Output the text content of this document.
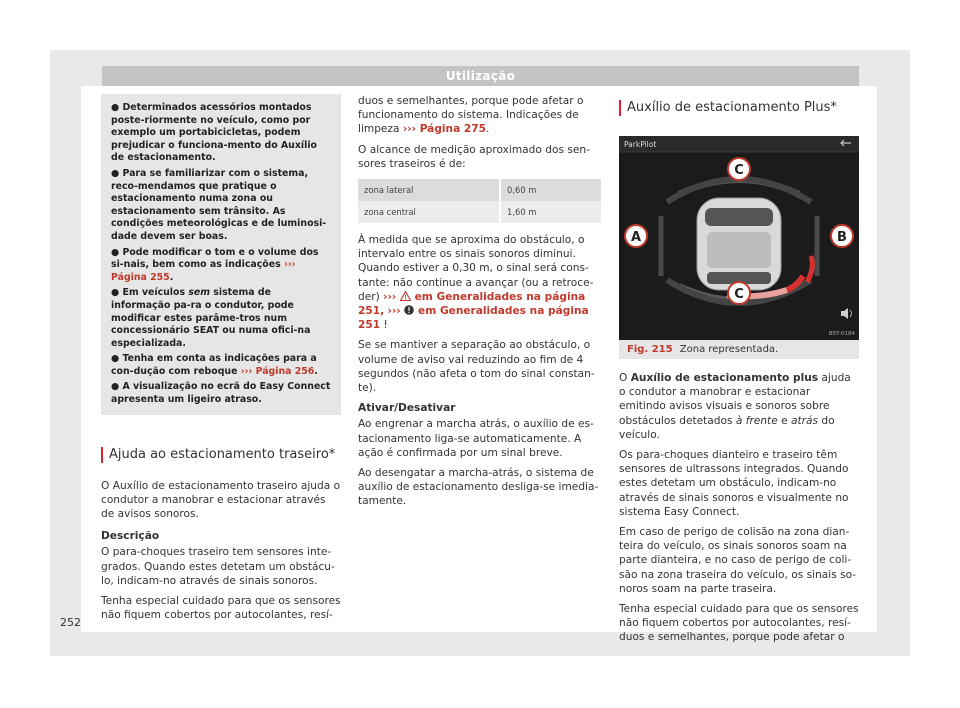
Utilização

● Determinados acessórios montados poste-riormente no veículo, como por exemplo um portabicicletas, podem prejudicar o funciona-mento do Auxílio de estacionamento.

● Para se familiarizar com o sistema, reco-mendamos que pratique o estacionamento numa zona ou estacionamento sem trânsito. As condições meteorológicas e de luminosi-dade devem ser boas.

● Pode modificar o tom e o volume dos si-nais, bem como as indicações ››› Página 255.

● Em veículos sem sistema de informação pa-ra o condutor, pode modificar estes parâme-tros num concessionário SEAT ou numa ofici-na especializada.

● Tenha em conta as indicações para a con-dução com reboque ››› Página 256.

● A visualização no ecrã do Easy Connect apresenta um ligeiro atraso.

Ajuda ao estacionamento traseiro*

O Auxílio de estacionamento traseiro ajuda o condutor a manobrar e estacionar através de avisos sonoros.

Descrição

O para-choques traseiro tem sensores inte-grados. Quando estes detetam um obstácu-lo, indicam-no através de sinais sonoros.

Tenha especial cuidado para que os sensores não fiquem cobertos por autocolantes, resí-

duos e semelhantes, porque pode afetar o funcionamento do sistema. Indicações de limpeza ››› Página 275.

O alcance de medição aproximado dos sen-sores traseiros é de:

zona lateral	0,60 m
zona central	1,60 m

À medida que se aproxima do obstáculo, o intervalo entre os sinais sonoros diminui. Quando estiver a 0,30 m, o sinal será cons-tante: não continue a avançar (ou a retroce-der) ›››  em Generalidades na página 251, ›››  em Generalidades na página 251 !

Se se mantiver a separação ao obstáculo, o volume de aviso vai reduzindo ao fim de 4 segundos (não afeta o tom do sinal constan-te).

Ativar/Desativar

Ao engrenar a marcha atrás, o auxílio de es-tacionamento liga-se automaticamente. A ação é confirmada por um sinal breve.

Ao desengatar a marcha-atrás, o sistema de auxílio de estacionamento desliga-se imedia-tamente.

Auxílio de estacionamento Plus*
ParkPilot
C
A	B
C
B5T-0184
Fig. 215 Zona representada.

O Auxílio de estacionamento plus ajuda o condutor a manobrar e estacionar emitindo avisos visuais e sonoros sobre obstáculos detetados à frente e atrás do veículo.

Os para-choques dianteiro e traseiro têm sensores de ultrassons integrados. Quando estes detetam um obstáculo, indicam-no através de sinais sonoros e visualmente no sistema Easy Connect.

Em caso de perigo de colisão na zona dian-teira do veículo, os sinais sonoros soam na parte dianteira, e no caso de perigo de coli-são na zona traseira do veículo, os sinais so-noros soam na parte traseira.

Tenha especial cuidado para que os sensores não fiquem cobertos por autocolantes, resí-duos e semelhantes, porque pode afetar o

252
